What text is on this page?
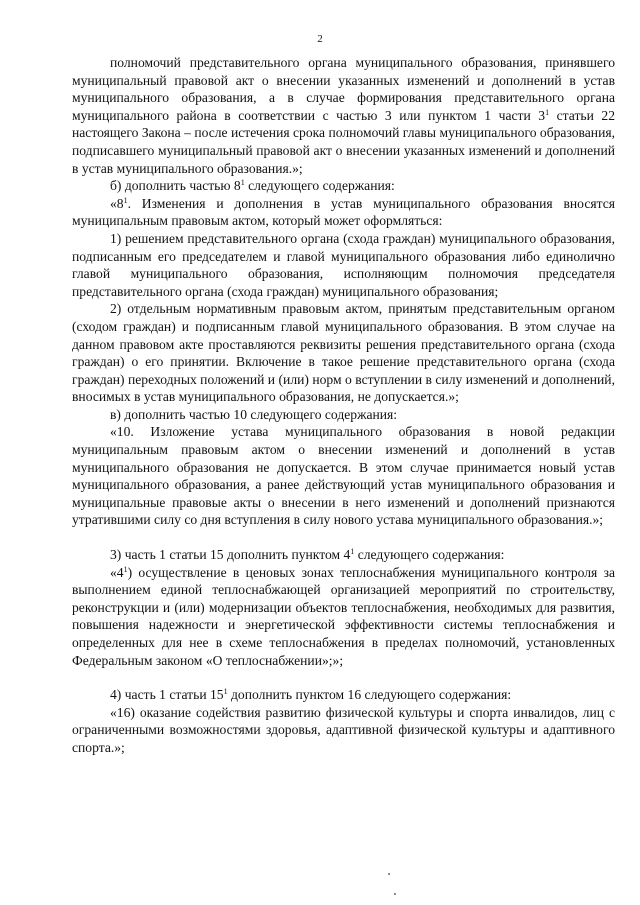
2

полномочий представительного органа муниципального образования, принявшего муниципальный правовой акт о внесении указанных изменений и дополнений в устав муниципального образования, а в случае формирования представительного органа муниципального района в соответствии с частью 3 или пунктом 1 части $3^1$ статьи 22 настоящего Закона – после истечения срока полномочий главы муниципального образования, подписавшего муниципальный правовой акт о внесении указанных изменений и дополнений в устав муниципального образования.»;

б) дополнить частью $8^1$ следующего содержания:

«$8^1$. Изменения и дополнения в устав муниципального образования вносятся муниципальным правовым актом, который может оформляться:

1) решением представительного органа (схода граждан) муниципального образования, подписанным его председателем и главой муниципального образования либо единолично главой муниципального образования, исполняющим полномочия председателя представительного органа (схода граждан) муниципального образования;

2) отдельным нормативным правовым актом, принятым представительным органом (сходом граждан) и подписанным главой муниципального образования. В этом случае на данном правовом акте проставляются реквизиты решения представительного органа (схода граждан) о его принятии. Включение в такое решение представительного органа (схода граждан) переходных положений и (или) норм о вступлении в силу изменений и дополнений, вносимых в устав муниципального образования, не допускается.»;

в) дополнить частью 10 следующего содержания:

«10. Изложение устава муниципального образования в новой редакции муниципальным правовым актом о внесении изменений и дополнений в устав муниципального образования не допускается. В этом случае принимается новый устав муниципального образования, а ранее действующий устав муниципального образования и муниципальные правовые акты о внесении в него изменений и дополнений признаются утратившими силу со дня вступления в силу нового устава муниципального образования.»;

3) часть 1 статьи 15 дополнить пунктом $4^1$ следующего содержания:

«$4^1$) осуществление в ценовых зонах теплоснабжения муниципального контроля за выполнением единой теплоснабжающей организацией мероприятий по строительству, реконструкции и (или) модернизации объектов теплоснабжения, необходимых для развития, повышения надежности и энергетической эффективности системы теплоснабжения и определенных для нее в схеме теплоснабжения в пределах полномочий, установленных Федеральным законом «О теплоснабжении»;»;

4) часть 1 статьи $15^1$ дополнить пунктом 16 следующего содержания:

«16) оказание содействия развитию физической культуры и спорта инвалидов, лиц с ограниченными возможностями здоровья, адаптивной физической культуры и адаптивного спорта.»;
